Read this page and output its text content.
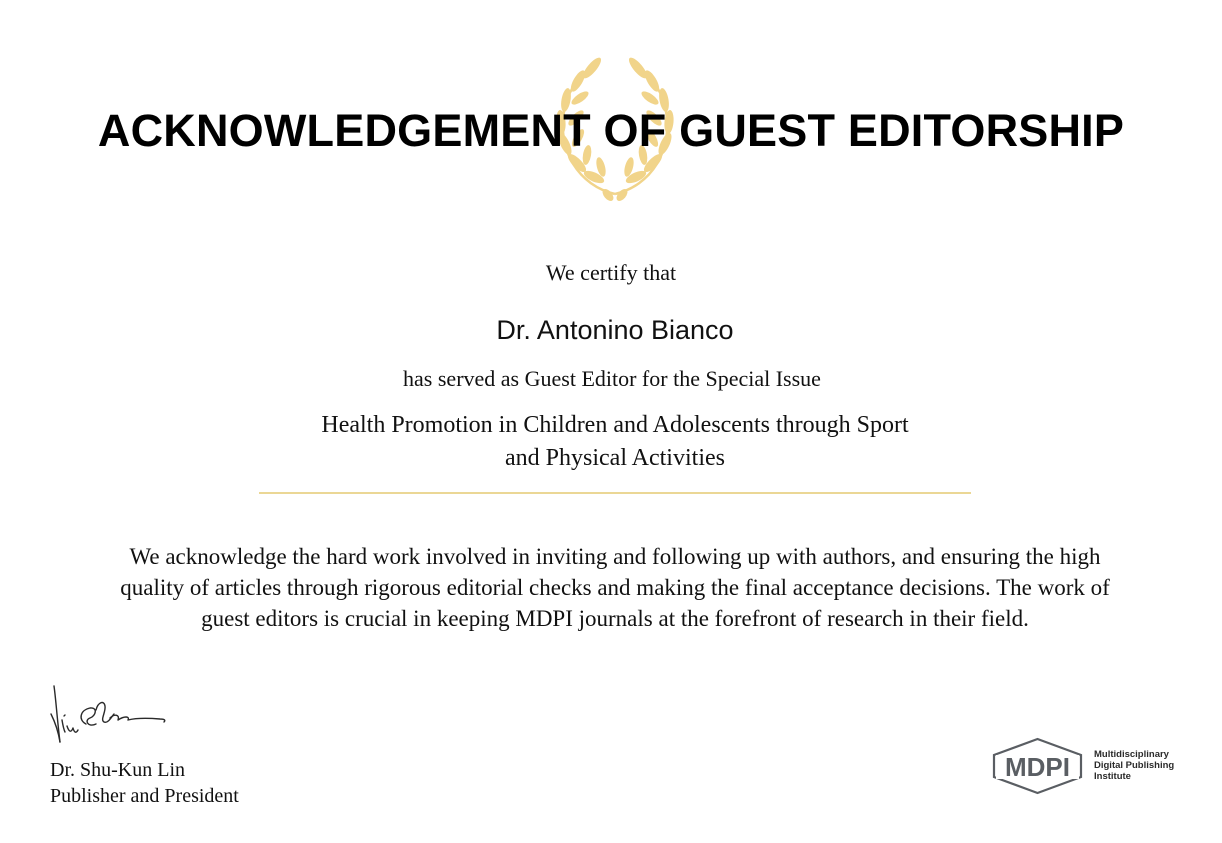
ACKNOWLEDGEMENT OF GUEST EDITORSHIP
We certify that
Dr. Antonino Bianco
has served as Guest Editor for the Special Issue
Health Promotion in Children and Adolescents through Sport
and Physical Activities
We acknowledge the hard work involved in inviting and following up with authors, and ensuring the high
quality of articles through rigorous editorial checks and making the final acceptance decisions. The work of
guest editors is crucial in keeping MDPI journals at the forefront of research in their field.
Dr. Shu-Kun Lin
Publisher and President
MDPI	Multidisciplinary
Digital Publishing
Institute
